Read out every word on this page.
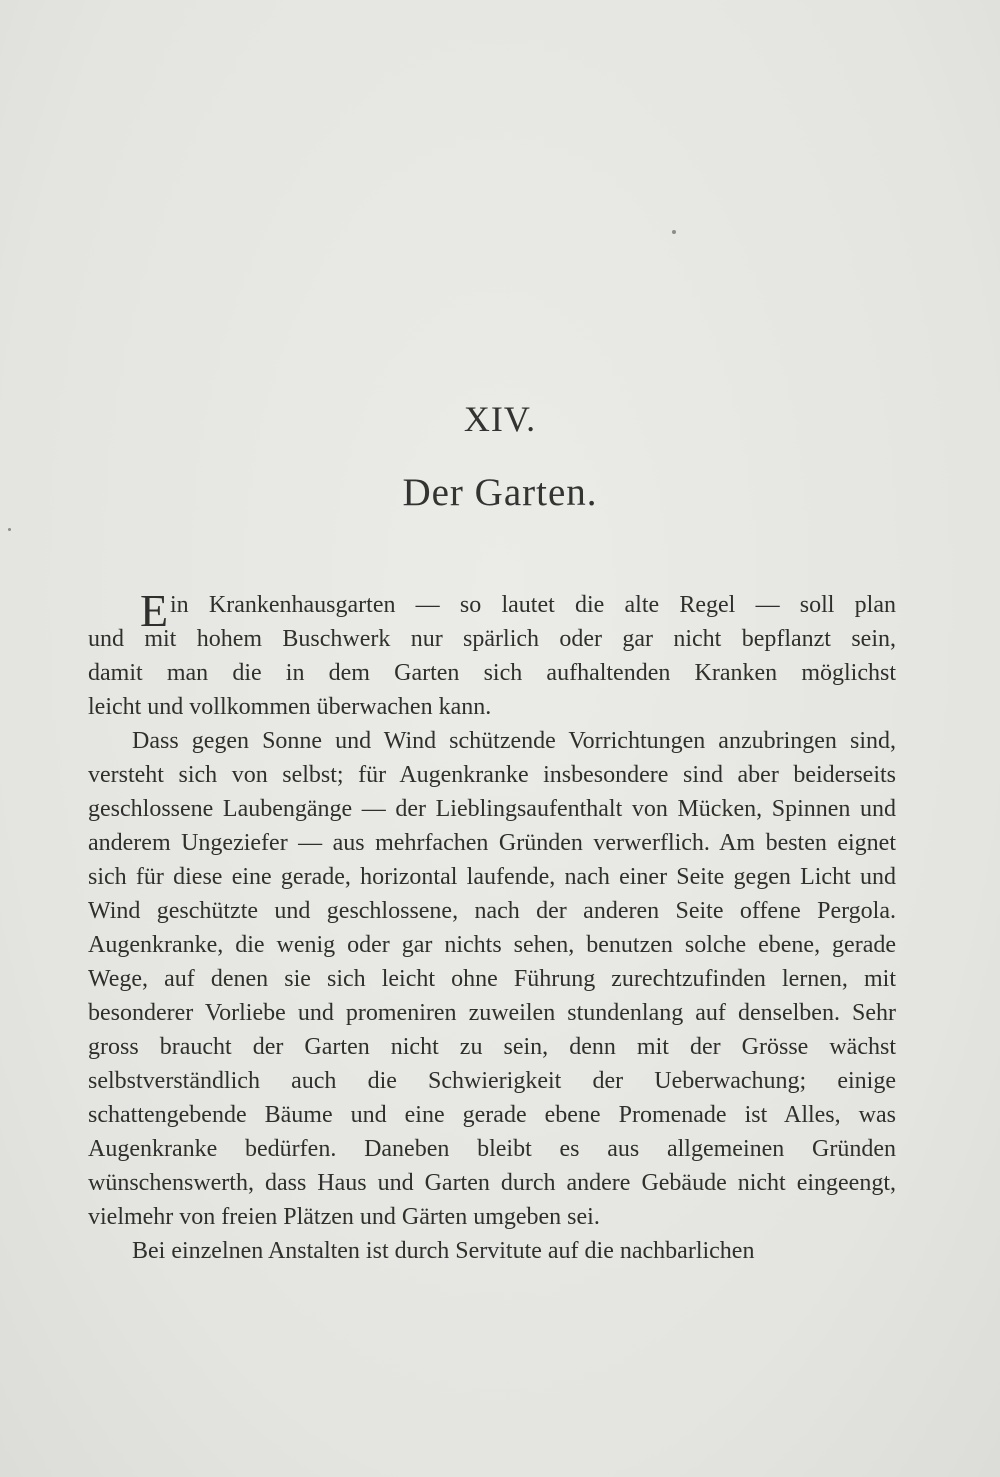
XIV.
Der Garten.
E in Krankenhausgarten — so lautet die alte Regel — soll plan
und mit hohem Buschwerk nur spärlich oder gar nicht bepflanzt sein,
damit man die in dem Garten sich aufhaltenden Kranken möglichst
leicht und vollkommen überwachen kann.

Dass gegen Sonne und Wind schützende Vorrichtungen anzubringen sind, versteht sich von selbst; für Augenkranke insbesondere sind aber beiderseits geschlossene Laubengänge — der Lieblingsaufenthalt von Mücken, Spinnen und anderem Ungeziefer — aus mehrfachen Gründen verwerflich. Am besten eignet sich für diese eine gerade, horizontal laufende, nach einer Seite gegen Licht und Wind geschützte und geschlossene, nach der anderen Seite offene Pergola. Augenkranke, die wenig oder gar nichts sehen, benutzen solche ebene, gerade Wege, auf denen sie sich leicht ohne Führung zurechtzufinden lernen, mit besonderer Vorliebe und promeniren zuweilen stundenlang auf denselben. Sehr gross braucht der Garten nicht zu sein, denn mit der Grösse wächst selbstverständlich auch die Schwierigkeit der Ueberwachung; einige schattengebende Bäume und eine gerade ebene Promenade ist Alles, was Augenkranke bedürfen. Daneben bleibt es aus allgemeinen Gründen wünschenswerth, dass Haus und Garten durch andere Gebäude nicht eingeengt, vielmehr von freien Plätzen und Gärten umgeben sei.

Bei einzelnen Anstalten ist durch Servitute auf die nachbarlichen
